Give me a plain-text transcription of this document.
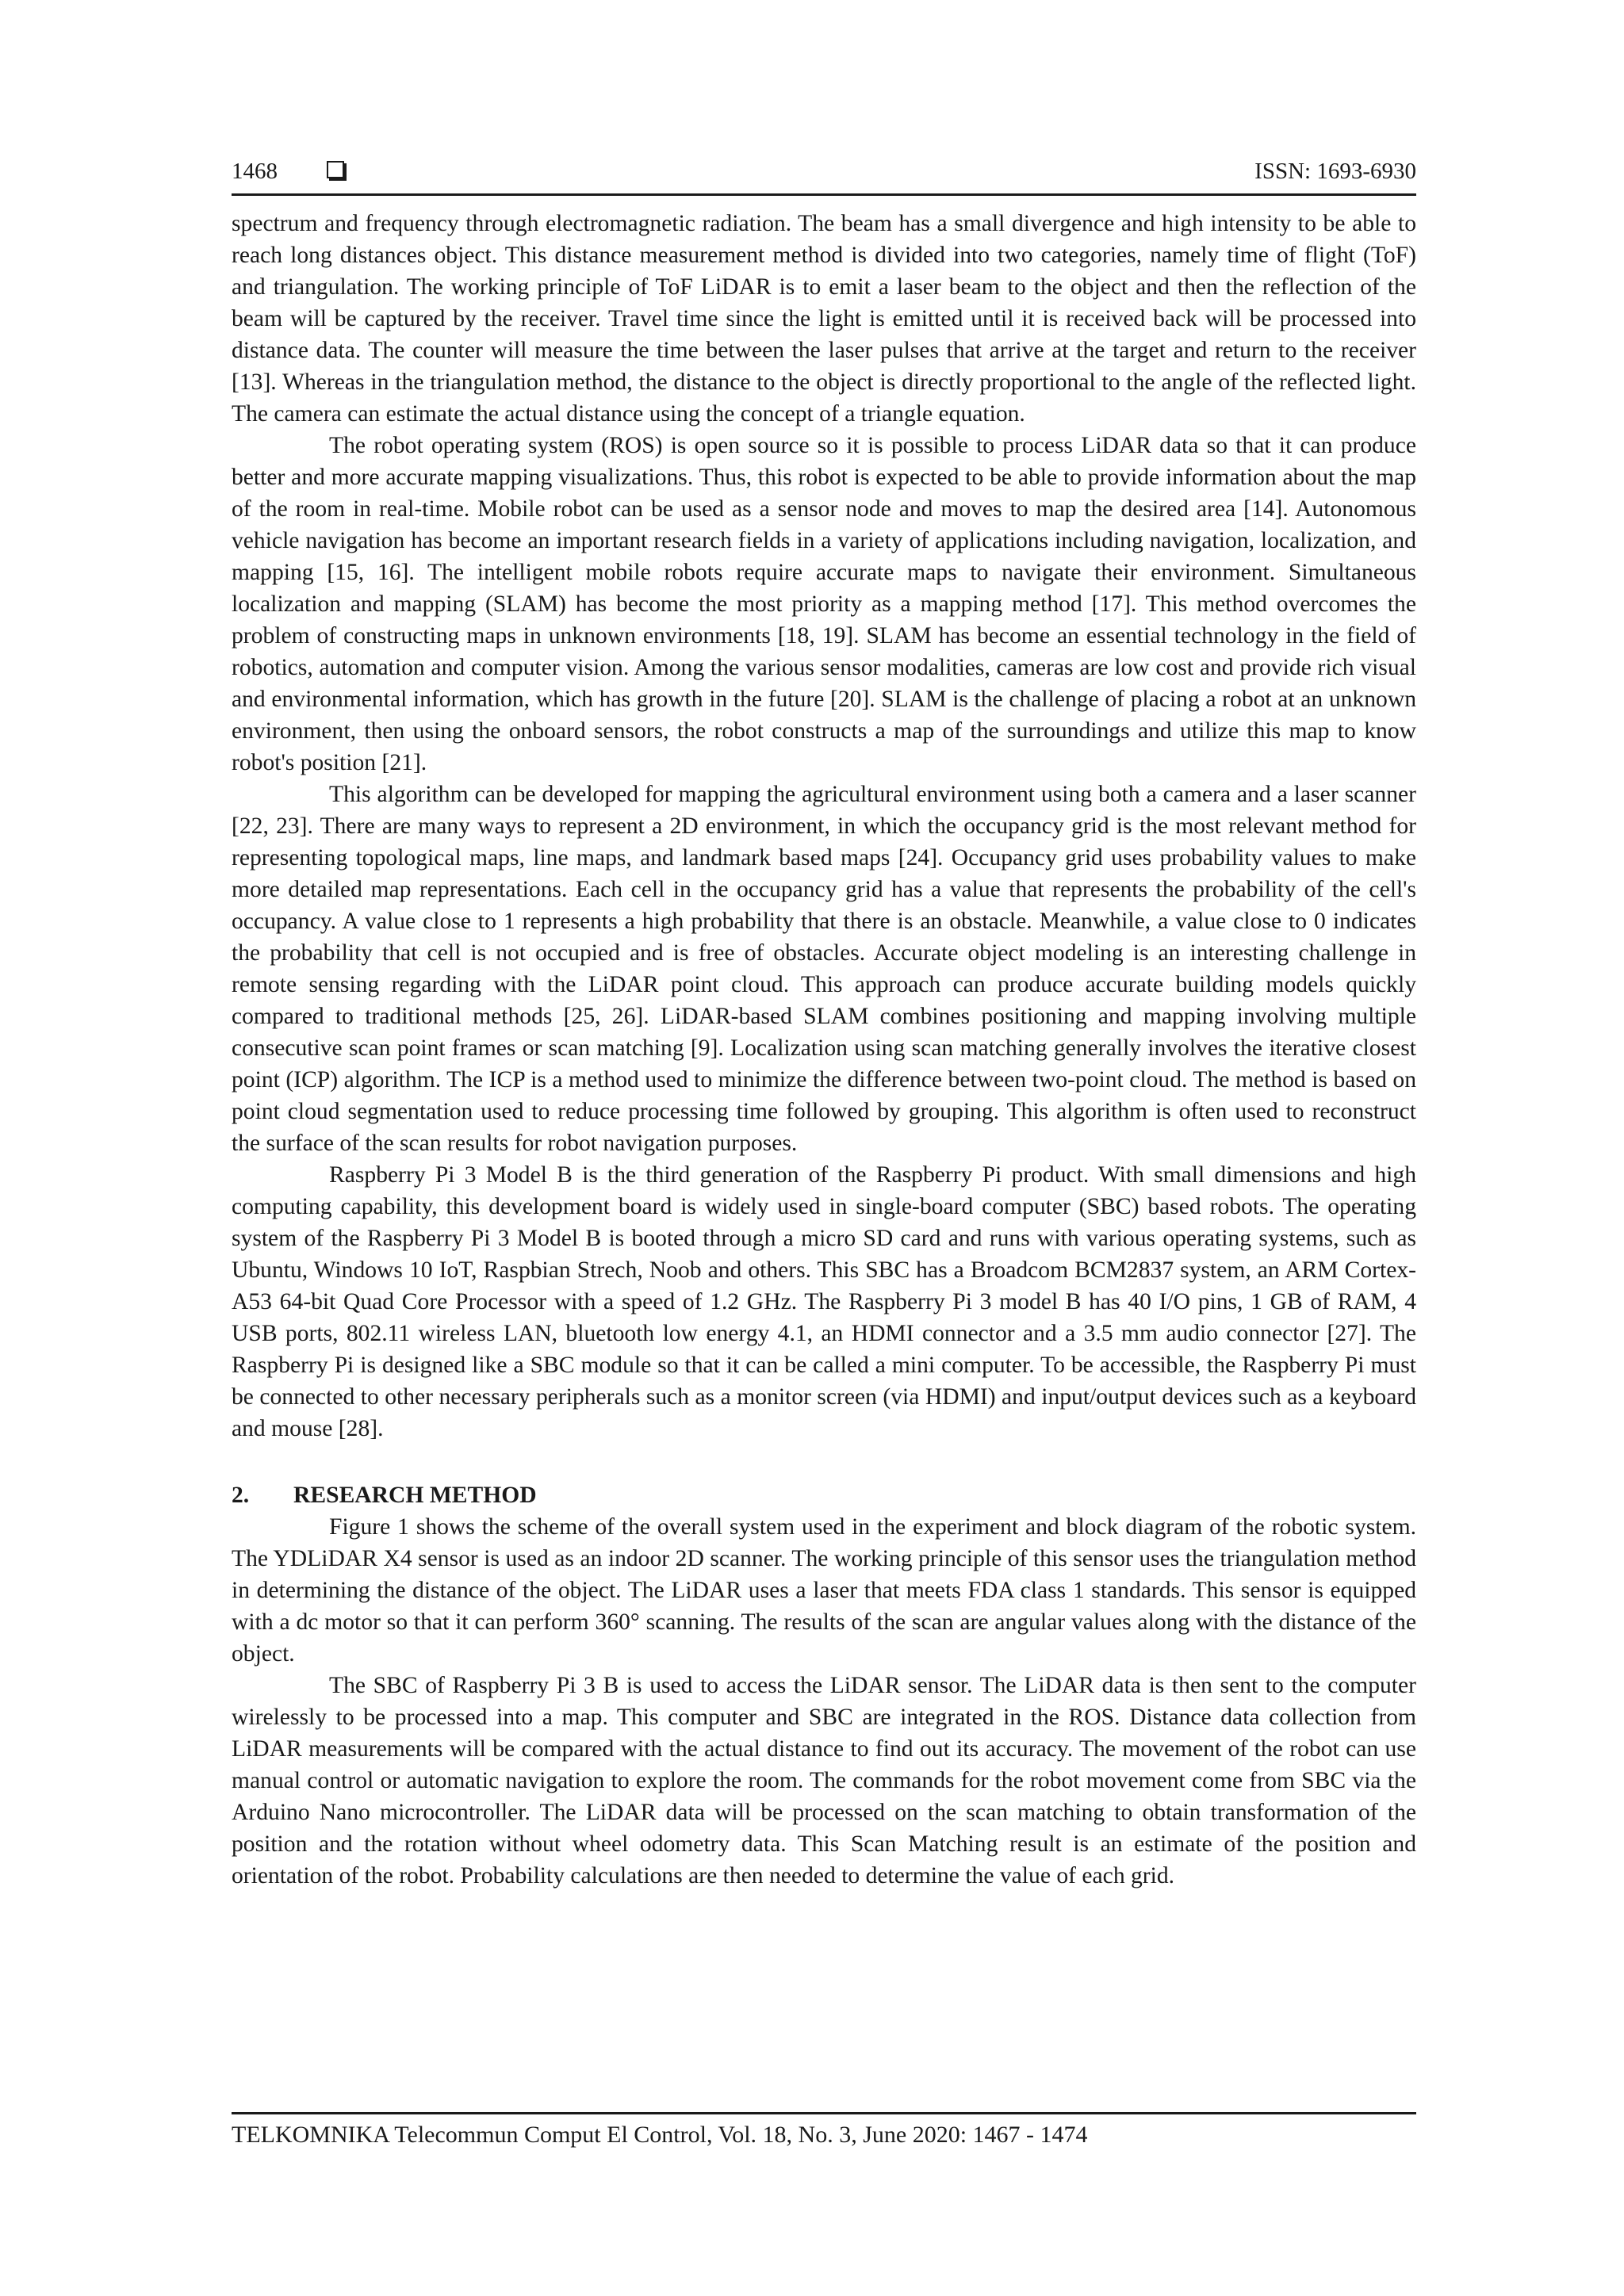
1468	ISSN: 1693-6930

spectrum and frequency through electromagnetic radiation. The beam has a small divergence and high intensity to be able to reach long distances object. This distance measurement method is divided into two categories, namely time of flight (ToF) and triangulation. The working principle of ToF LiDAR is to emit a laser beam to the object and then the reflection of the beam will be captured by the receiver. Travel time since the light is emitted until it is received back will be processed into distance data. The counter will measure the time between the laser pulses that arrive at the target and return to the receiver [13]. Whereas in the triangulation method, the distance to the object is directly proportional to the angle of the reflected light. The camera can estimate the actual distance using the concept of a triangle equation.

The robot operating system (ROS) is open source so it is possible to process LiDAR data so that it can produce better and more accurate mapping visualizations. Thus, this robot is expected to be able to provide information about the map of the room in real-time. Mobile robot can be used as a sensor node and moves to map the desired area [14]. Autonomous vehicle navigation has become an important research fields in a variety of applications including navigation, localization, and mapping [15, 16]. The intelligent mobile robots require accurate maps to navigate their environment. Simultaneous localization and mapping (SLAM) has become the most priority as a mapping method [17]. This method overcomes the problem of constructing maps in unknown environments [18, 19]. SLAM has become an essential technology in the field of robotics, automation and computer vision. Among the various sensor modalities, cameras are low cost and provide rich visual and environmental information, which has growth in the future [20]. SLAM is the challenge of placing a robot at an unknown environment, then using the onboard sensors, the robot constructs a map of the surroundings and utilize this map to know robot's position [21].

This algorithm can be developed for mapping the agricultural environment using both a camera and a laser scanner [22, 23]. There are many ways to represent a 2D environment, in which the occupancy grid is the most relevant method for representing topological maps, line maps, and landmark based maps [24]. Occupancy grid uses probability values to make more detailed map representations. Each cell in the occupancy grid has a value that represents the probability of the cell's occupancy. A value close to 1 represents a high probability that there is an obstacle. Meanwhile, a value close to 0 indicates the probability that cell is not occupied and is free of obstacles. Accurate object modeling is an interesting challenge in remote sensing regarding with the LiDAR point cloud. This approach can produce accurate building models quickly compared to traditional methods [25, 26]. LiDAR-based SLAM combines positioning and mapping involving multiple consecutive scan point frames or scan matching [9]. Localization using scan matching generally involves the iterative closest point (ICP) algorithm. The ICP is a method used to minimize the difference between two-point cloud. The method is based on point cloud segmentation used to reduce processing time followed by grouping. This algorithm is often used to reconstruct the surface of the scan results for robot navigation purposes.

Raspberry Pi 3 Model B is the third generation of the Raspberry Pi product. With small dimensions and high computing capability, this development board is widely used in single-board computer (SBC) based robots. The operating system of the Raspberry Pi 3 Model B is booted through a micro SD card and runs with various operating systems, such as Ubuntu, Windows 10 IoT, Raspbian Strech, Noob and others. This SBC has a Broadcom BCM2837 system, an ARM Cortex-A53 64-bit Quad Core Processor with a speed of 1.2 GHz. The Raspberry Pi 3 model B has 40 I/O pins, 1 GB of RAM, 4 USB ports, 802.11 wireless LAN, bluetooth low energy 4.1, an HDMI connector and a 3.5 mm audio connector [27]. The Raspberry Pi is designed like a SBC module so that it can be called a mini computer. To be accessible, the Raspberry Pi must be connected to other necessary peripherals such as a monitor screen (via HDMI) and input/output devices such as a keyboard and mouse [28].

2. RESEARCH METHOD

Figure 1 shows the scheme of the overall system used in the experiment and block diagram of the robotic system. The YDLiDAR X4 sensor is used as an indoor 2D scanner. The working principle of this sensor uses the triangulation method in determining the distance of the object. The LiDAR uses a laser that meets FDA class 1 standards. This sensor is equipped with a dc motor so that it can perform 360° scanning. The results of the scan are angular values along with the distance of the object.

The SBC of Raspberry Pi 3 B is used to access the LiDAR sensor. The LiDAR data is then sent to the computer wirelessly to be processed into a map. This computer and SBC are integrated in the ROS. Distance data collection from LiDAR measurements will be compared with the actual distance to find out its accuracy. The movement of the robot can use manual control or automatic navigation to explore the room. The commands for the robot movement come from SBC via the Arduino Nano microcontroller. The LiDAR data will be processed on the scan matching to obtain transformation of the position and the rotation without wheel odometry data. This Scan Matching result is an estimate of the position and orientation of the robot. Probability calculations are then needed to determine the value of each grid.

TELKOMNIKA Telecommun Comput El Control, Vol. 18, No. 3, June 2020: 1467 - 1474
